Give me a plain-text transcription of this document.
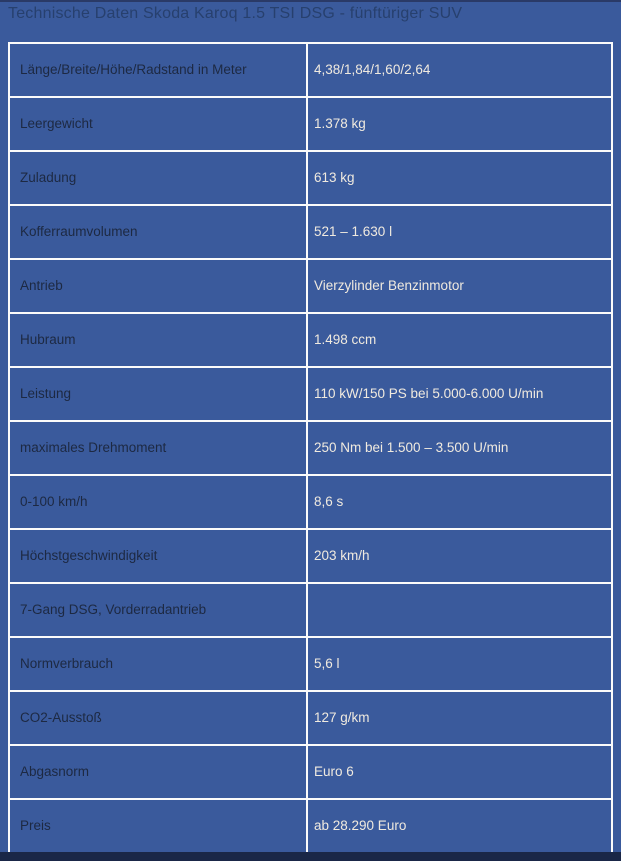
Technische Daten Skoda Karoq 1.5 TSI DSG - fünftüriger SUV
Länge/Breite/Höhe/Radstand in Meter	4,38/1,84/1,60/2,64
Leergewicht	1.378 kg
Zuladung	613 kg
Kofferraumvolumen	521 – 1.630 l
Antrieb	Vierzylinder Benzinmotor
Hubraum	1.498 ccm
Leistung	110 kW/150 PS bei 5.000-6.000 U/min
maximales Drehmoment	250 Nm bei 1.500 – 3.500 U/min
0-100 km/h	8,6 s
Höchstgeschwindigkeit	203 km/h
7-Gang DSG, Vorderradantrieb
Normverbrauch	5,6 l
CO2-Ausstoß	127 g/km
Abgasnorm	Euro 6
Preis	ab 28.290 Euro
